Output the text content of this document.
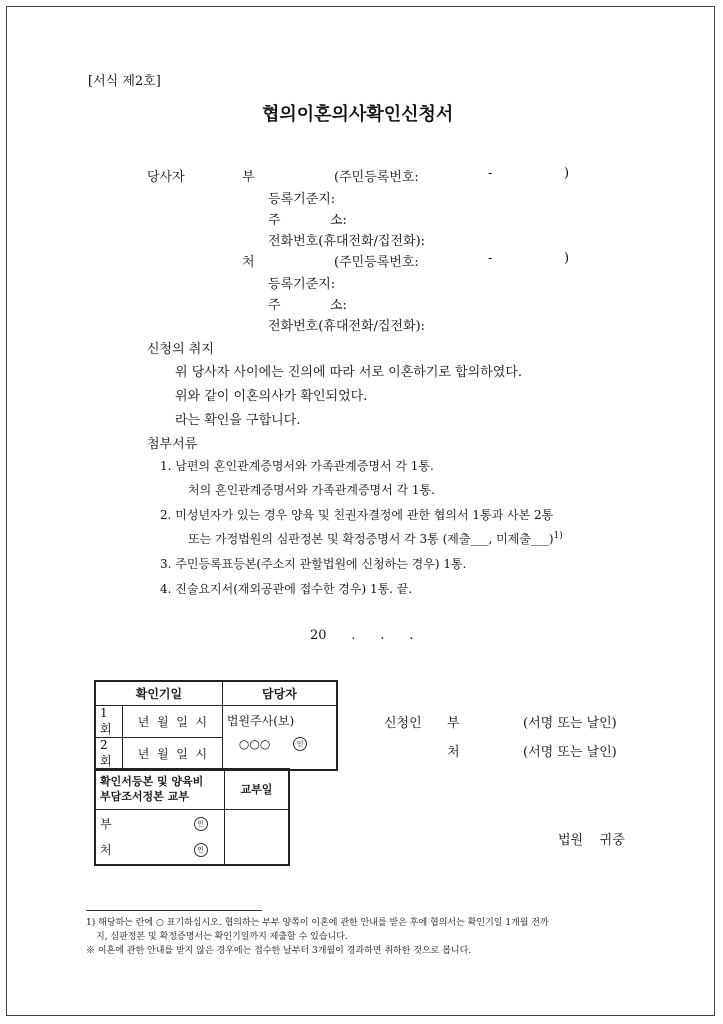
[서식 제2호]
협의이혼의사확인신청서
당사자	부	(주민등록번호:	-	)
등록기준지:
주	소:
전화번호(휴대전화/집전화):
처	(주민등록번호:	-	)
등록기준지:
주	소:
전화번호(휴대전화/집전화):
신청의 취지
위 당사자 사이에는 진의에 따라 서로 이혼하기로 합의하였다.
위와 같이 이혼의사가 확인되었다.
라는 확인을 구합니다.
첨부서류
1. 남편의 혼인관계증명서와 가족관계증명서 각 1통.
처의 혼인관계증명서와 가족관계증명서 각 1통.
2. 미성년자가 있는 경우 양육 및 친권자결정에 관한 협의서 1통과 사본 2통
또는 가정법원의 심판정본 및 확정증명서 각 3통 (제출___, 미제출___)$^{1)}$
3. 주민등록표등본(주소지 관할법원에 신청하는 경우) 1통.
4. 진술요지서(재외공관에 접수한 경우) 1통. 끝.
20      .      .      .
확인기일		담당자
1회	년  월  일  시	법원주사(보)
○○○ 인

2회	년  월  일  시	
확인서등본 및 양육비
부담조서정본 교부	교부일

부 인
처 인	

신청인 부	(서명 또는 날인)
처	(서명 또는 날인)
법원    귀중
1) 해당하는 란에 ○ 표기하십시오. 협의하는 부부 양쪽이 이혼에 관한 안내를 받은 후에 협의서는 확인기일 1개월 전까
지, 심판정본 및 확정증명서는 확인기일까지 제출할 수 있습니다.
※ 이혼에 관한 안내를 받지 않은 경우에는 접수한 날부터 3개월이 경과하면 취하한 것으로 봅니다.
